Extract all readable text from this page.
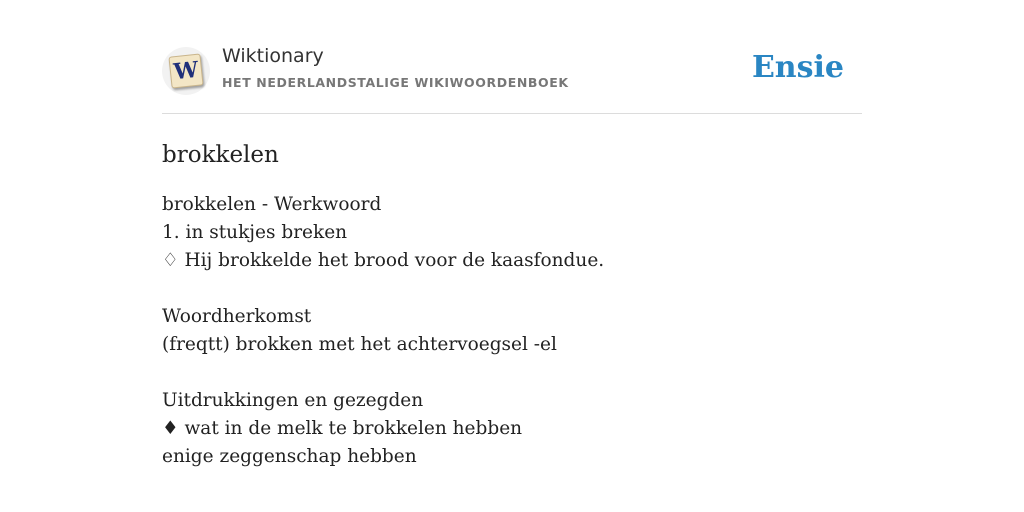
W
Wiktionary
HET NEDERLANDSTALIGE WIKIWOORDENBOEK	Ensie
brokkelen
brokkelen - Werkwoord
1. in stukjes breken
♢ Hij brokkelde het brood voor de kaasfondue.
Woordherkomst
(freqtt) brokken met het achtervoegsel -el
Uitdrukkingen en gezegden
♦ wat in de melk te brokkelen hebben
enige zeggenschap hebben
